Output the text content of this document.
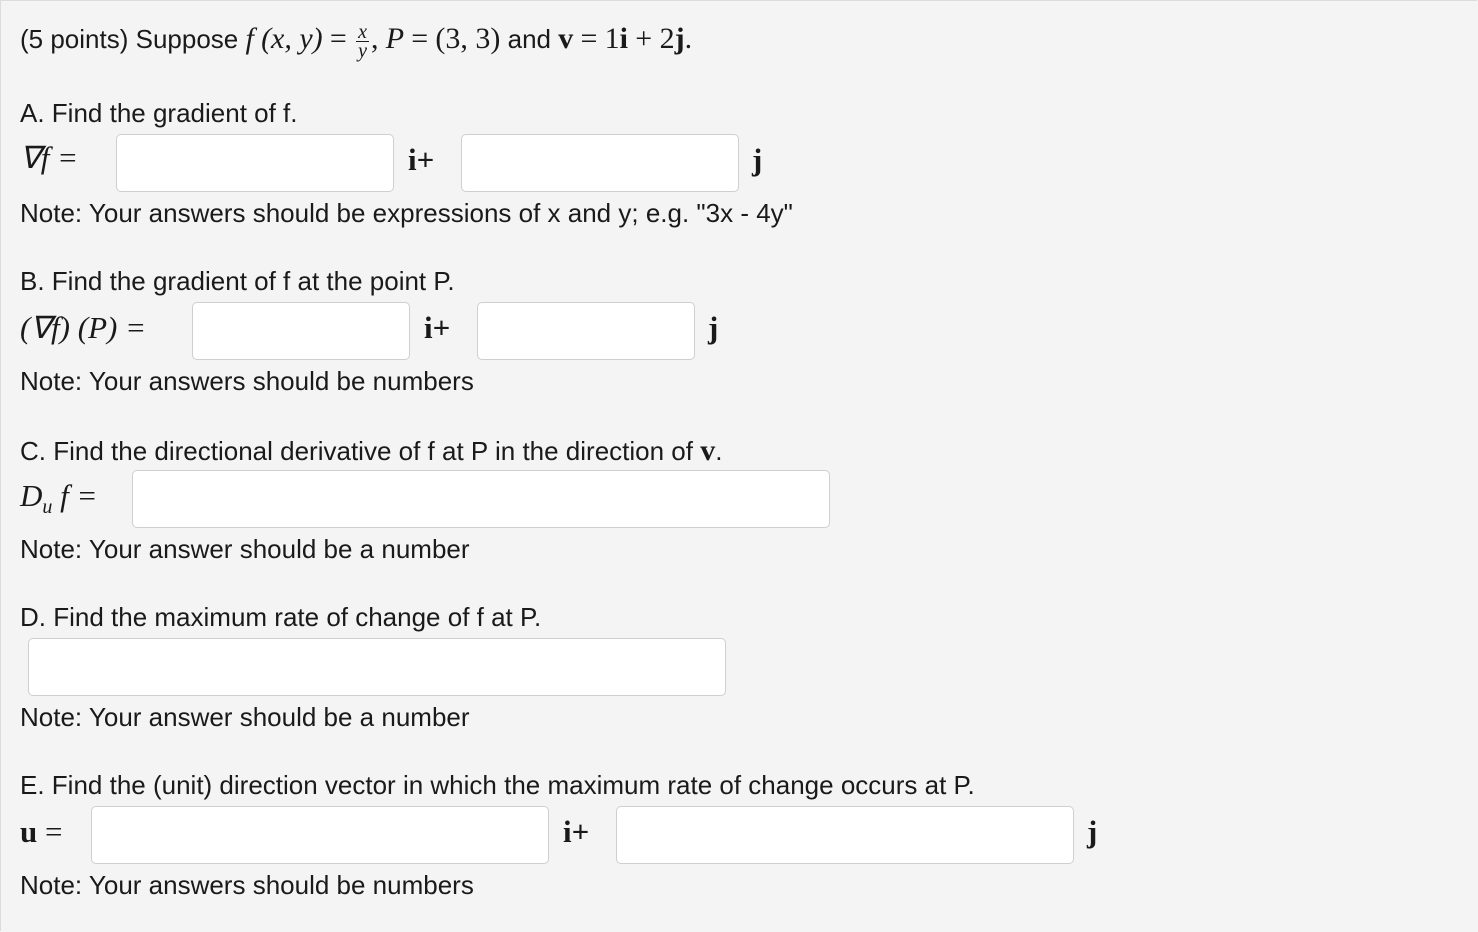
(5 points) Suppose f (x, $y) = \frac{x}{y}$ , P = (3, 3) and v = 1i + 2j.
A. Find the gradient of f.
∇f =	i+	j
Note: Your answers should be expressions of x and y; e.g. "3x - 4y"
B. Find the gradient of f at the point P.
(∇f) (P) =	i+	j
Note: Your answers should be numbers
C. Find the directional derivative of f at P in the direction of v.
$D_u$ f =
Note: Your answer should be a number
D. Find the maximum rate of change of f at P.
Note: Your answer should be a number
E. Find the (unit) direction vector in which the maximum rate of change occurs at P.
u =	i+	j
Note: Your answers should be numbers
